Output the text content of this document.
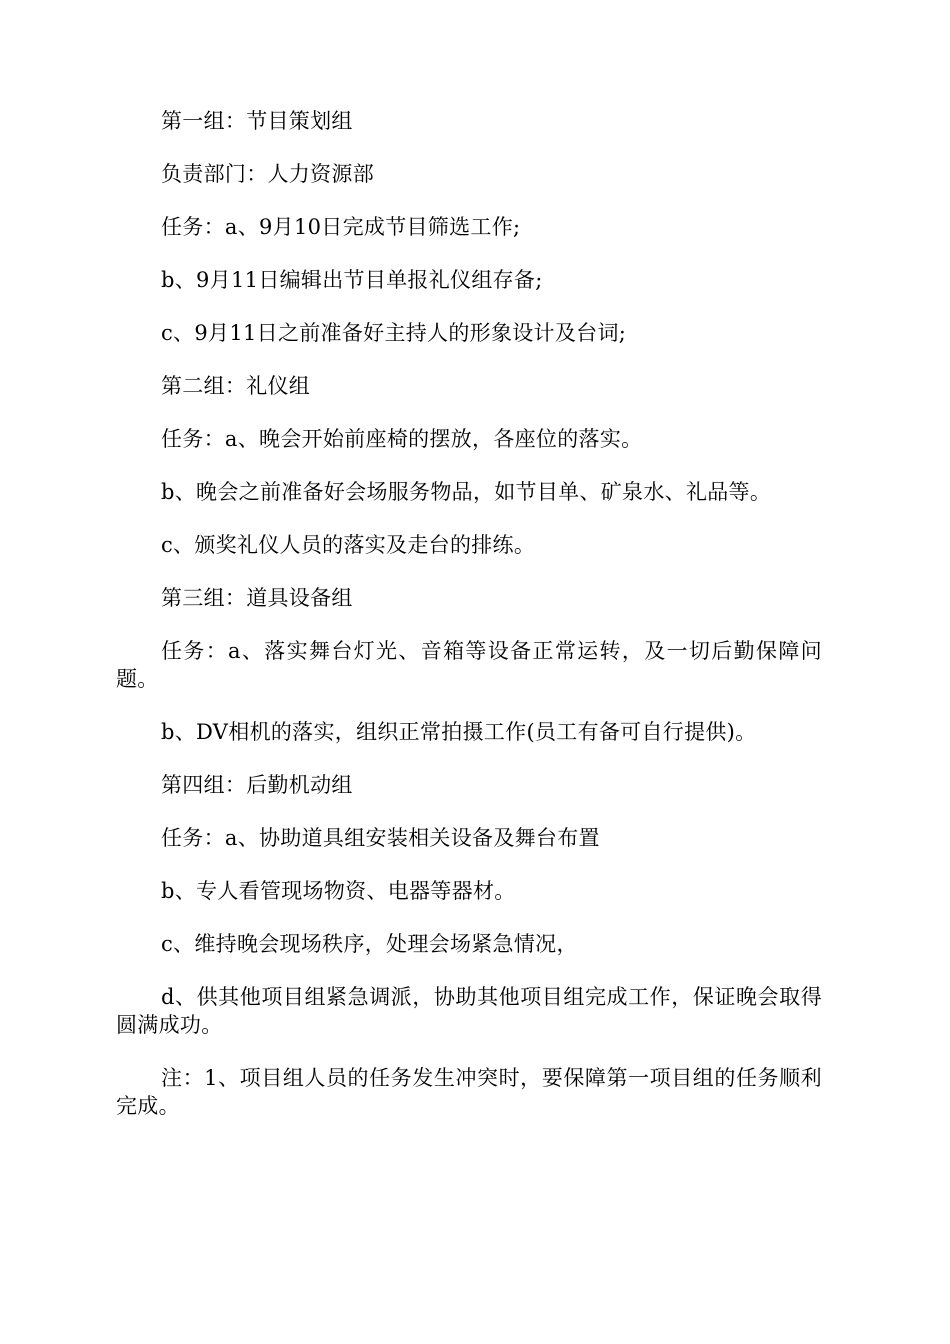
第一组：节目策划组

负责部门：人力资源部

任务：a、9月10日完成节目筛选工作;

b、9月11日编辑出节目单报礼仪组存备;

c、9月11日之前准备好主持人的形象设计及台词;

第二组：礼仪组

任务：a、晚会开始前座椅的摆放，各座位的落实。

b、晚会之前准备好会场服务物品，如节目单、矿泉水、礼品等。

c、颁奖礼仪人员的落实及走台的排练。

第三组：道具设备组

任务：a、落实舞台灯光、音箱等设备正常运转，及一切后勤保障问题。

b、DV相机的落实，组织正常拍摄工作(员工有备可自行提供)。

第四组：后勤机动组

任务：a、协助道具组安装相关设备及舞台布置

b、专人看管现场物资、电器等器材。

c、维持晚会现场秩序，处理会场紧急情况，

d、供其他项目组紧急调派，协助其他项目组完成工作，保证晚会取得圆满成功。

注：1、项目组人员的任务发生冲突时，要保障第一项目组的任务顺利完成。
